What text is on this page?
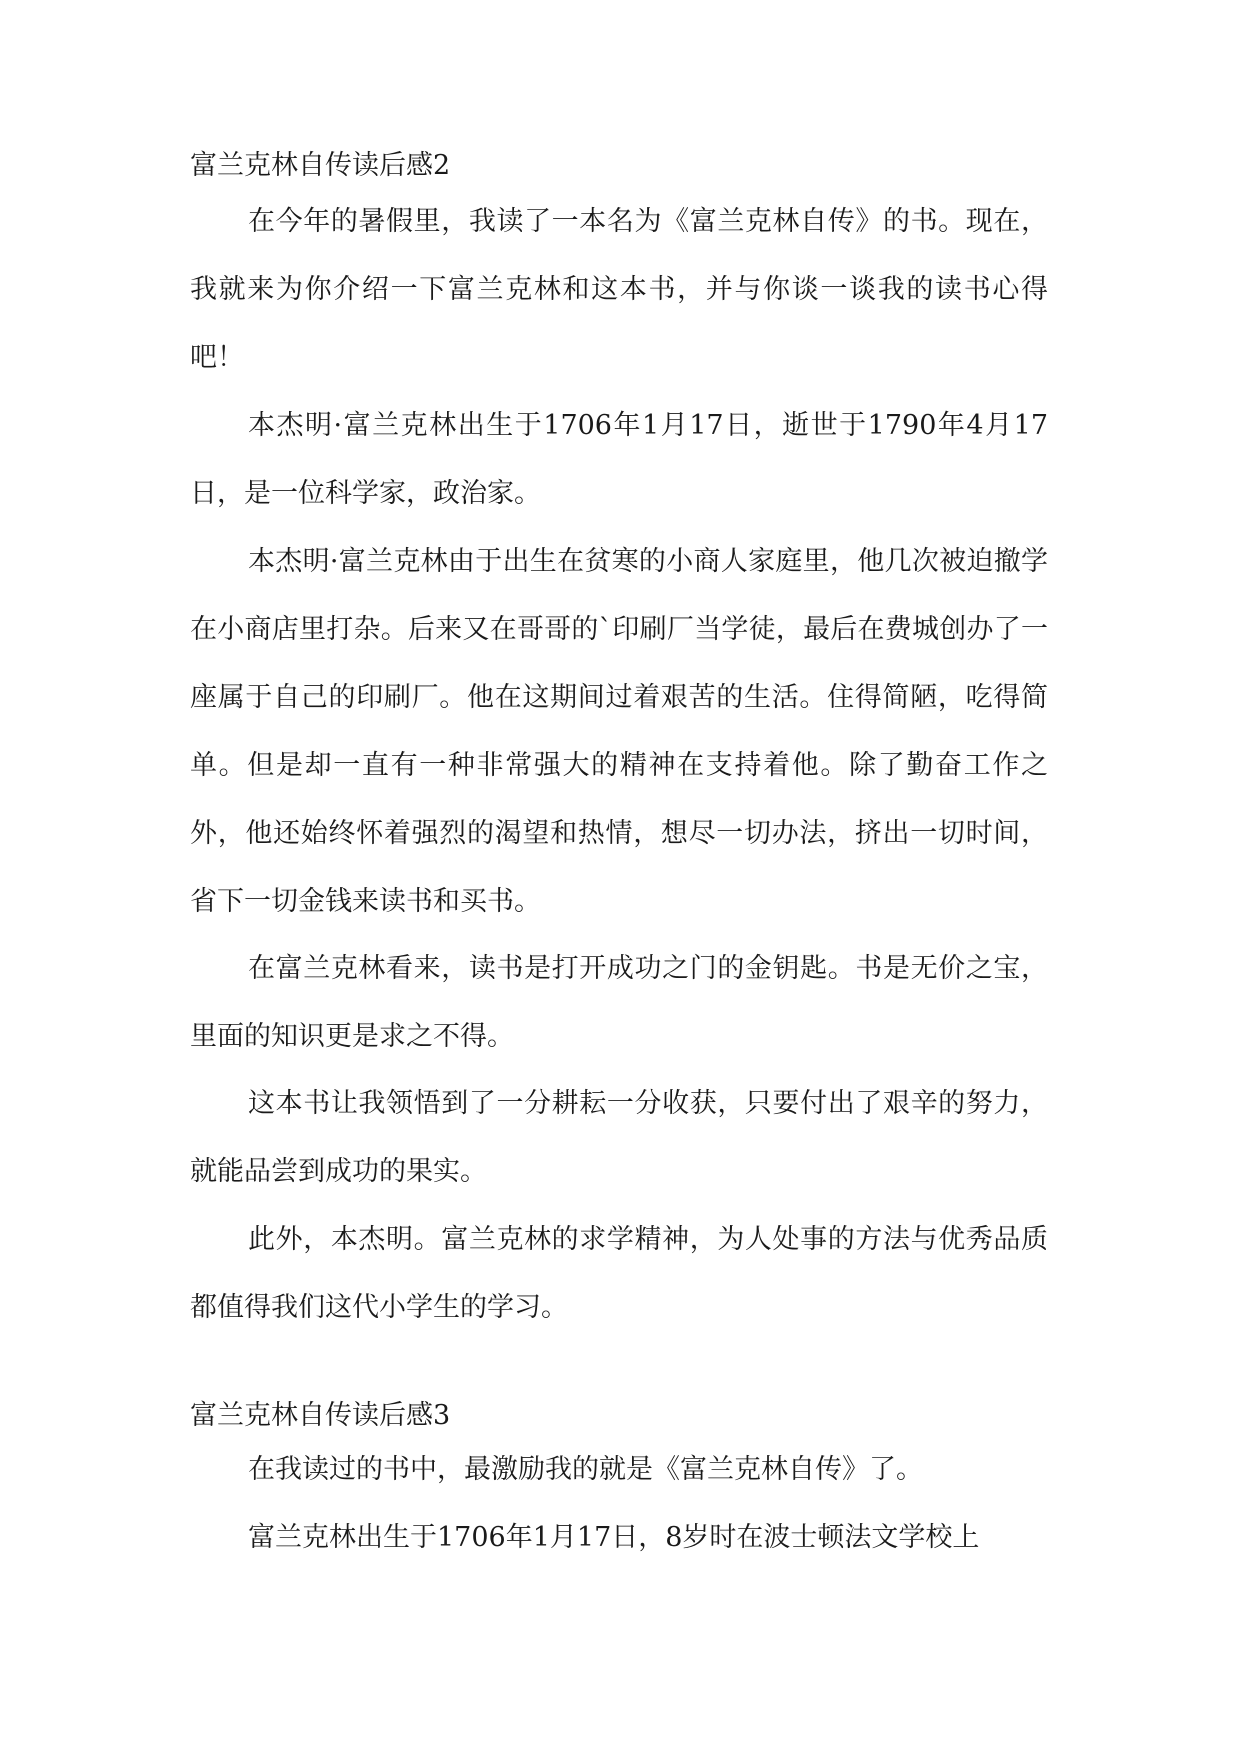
富兰克林自传读后感2
在今年的暑假里，我读了一本名为《富兰克林自传》的书。现在，我就来为你介绍一下富兰克林和这本书，并与你谈一谈我的读书心得吧！
本杰明·富兰克林出生于1706年1月17日，逝世于1790年4月17日，是一位科学家，政治家。
本杰明·富兰克林由于出生在贫寒的小商人家庭里，他几次被迫撤学在小商店里打杂。后来又在哥哥的`印刷厂当学徒，最后在费城创办了一座属于自己的印刷厂。他在这期间过着艰苦的生活。住得简陋，吃得简单。但是却一直有一种非常强大的精神在支持着他。除了勤奋工作之外，他还始终怀着强烈的渴望和热情，想尽一切办法，挤出一切时间，省下一切金钱来读书和买书。
在富兰克林看来，读书是打开成功之门的金钥匙。书是无价之宝，里面的知识更是求之不得。
这本书让我领悟到了一分耕耘一分收获，只要付出了艰辛的努力，就能品尝到成功的果实。
此外，本杰明。富兰克林的求学精神，为人处事的方法与优秀品质都值得我们这代小学生的学习。
富兰克林自传读后感3
在我读过的书中，最激励我的就是《富兰克林自传》了。
富兰克林出生于1706年1月17日，8岁时在波士顿法文学校上
